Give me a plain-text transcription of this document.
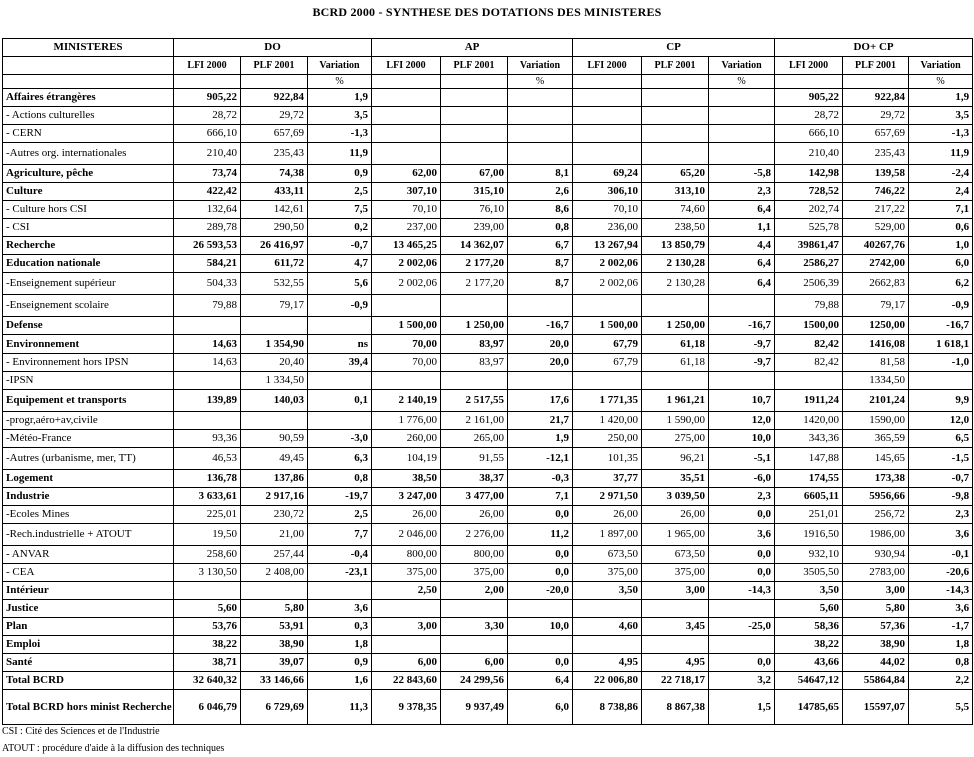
BCRD 2000 - SYNTHESE DES DOTATIONS DES MINISTERES
MINISTERES	DO			AP			CP			DO+ CP		
	LFI 2000	PLF 2001	Variation	LFI 2000	PLF 2001	Variation	LFI 2000	PLF 2001	Variation	LFI 2000	PLF 2001	Variation
			%			%			%			%
Affaires étrangères	905,22	922,84	1,9							905,22	922,84	1,9
- Actions culturelles	28,72	29,72	3,5							28,72	29,72	3,5
- CERN	666,10	657,69	-1,3							666,10	657,69	-1,3
-Autres org. internationales	210,40	235,43	11,9							210,40	235,43	11,9
Agriculture, pêche	73,74	74,38	0,9	62,00	67,00	8,1	69,24	65,20	-5,8	142,98	139,58	-2,4
Culture	422,42	433,11	2,5	307,10	315,10	2,6	306,10	313,10	2,3	728,52	746,22	2,4
- Culture hors CSI	132,64	142,61	7,5	70,10	76,10	8,6	70,10	74,60	6,4	202,74	217,22	7,1
- CSI	289,78	290,50	0,2	237,00	239,00	0,8	236,00	238,50	1,1	525,78	529,00	0,6
Recherche	26 593,53	26 416,97	-0,7	13 465,25	14 362,07	6,7	13 267,94	13 850,79	4,4	39861,47	40267,76	1,0
Education nationale	584,21	611,72	4,7	2 002,06	2 177,20	8,7	2 002,06	2 130,28	6,4	2586,27	2742,00	6,0
-Enseignement supérieur	504,33	532,55	5,6	2 002,06	2 177,20	8,7	2 002,06	2 130,28	6,4	2506,39	2662,83	6,2
-Enseignement scolaire	79,88	79,17	-0,9							79,88	79,17	-0,9
Defense				1 500,00	1 250,00	-16,7	1 500,00	1 250,00	-16,7	1500,00	1250,00	-16,7
Environnement	14,63	1 354,90	ns	70,00	83,97	20,0	67,79	61,18	-9,7	82,42	1416,08	1 618,1
- Environnement hors IPSN	14,63	20,40	39,4	70,00	83,97	20,0	67,79	61,18	-9,7	82,42	81,58	-1,0
-IPSN		1 334,50									1334,50	
Equipement et transports	139,89	140,03	0,1	2 140,19	2 517,55	17,6	1 771,35	1 961,21	10,7	1911,24	2101,24	9,9
-progr,aéro+av,civile				1 776,00	2 161,00	21,7	1 420,00	1 590,00	12,0	1420,00	1590,00	12,0
-Météo-France	93,36	90,59	-3,0	260,00	265,00	1,9	250,00	275,00	10,0	343,36	365,59	6,5
-Autres (urbanisme, mer, TT)	46,53	49,45	6,3	104,19	91,55	-12,1	101,35	96,21	-5,1	147,88	145,65	-1,5
Logement	136,78	137,86	0,8	38,50	38,37	-0,3	37,77	35,51	-6,0	174,55	173,38	-0,7
Industrie	3 633,61	2 917,16	-19,7	3 247,00	3 477,00	7,1	2 971,50	3 039,50	2,3	6605,11	5956,66	-9,8
-Ecoles Mines	225,01	230,72	2,5	26,00	26,00	0,0	26,00	26,00	0,0	251,01	256,72	2,3
-Rech.industrielle + ATOUT	19,50	21,00	7,7	2 046,00	2 276,00	11,2	1 897,00	1 965,00	3,6	1916,50	1986,00	3,6
- ANVAR	258,60	257,44	-0,4	800,00	800,00	0,0	673,50	673,50	0,0	932,10	930,94	-0,1
- CEA	3 130,50	2 408,00	-23,1	375,00	375,00	0,0	375,00	375,00	0,0	3505,50	2783,00	-20,6
Intérieur				2,50	2,00	-20,0	3,50	3,00	-14,3	3,50	3,00	-14,3
Justice	5,60	5,80	3,6							5,60	5,80	3,6
Plan	53,76	53,91	0,3	3,00	3,30	10,0	4,60	3,45	-25,0	58,36	57,36	-1,7
Emploi	38,22	38,90	1,8							38,22	38,90	1,8
Santé	38,71	39,07	0,9	6,00	6,00	0,0	4,95	4,95	0,0	43,66	44,02	0,8
Total BCRD	32 640,32	33 146,66	1,6	22 843,60	24 299,56	6,4	22 006,80	22 718,17	3,2	54647,12	55864,84	2,2
Total BCRD hors minist Recherche	6 046,79	6 729,69	11,3	9 378,35	9 937,49	6,0	8 738,86	8 867,38	1,5	14785,65	15597,07	5,5
CSI : Cité des Sciences et de l'Industrie
ATOUT : procédure d'aide à la diffusion des techniques
